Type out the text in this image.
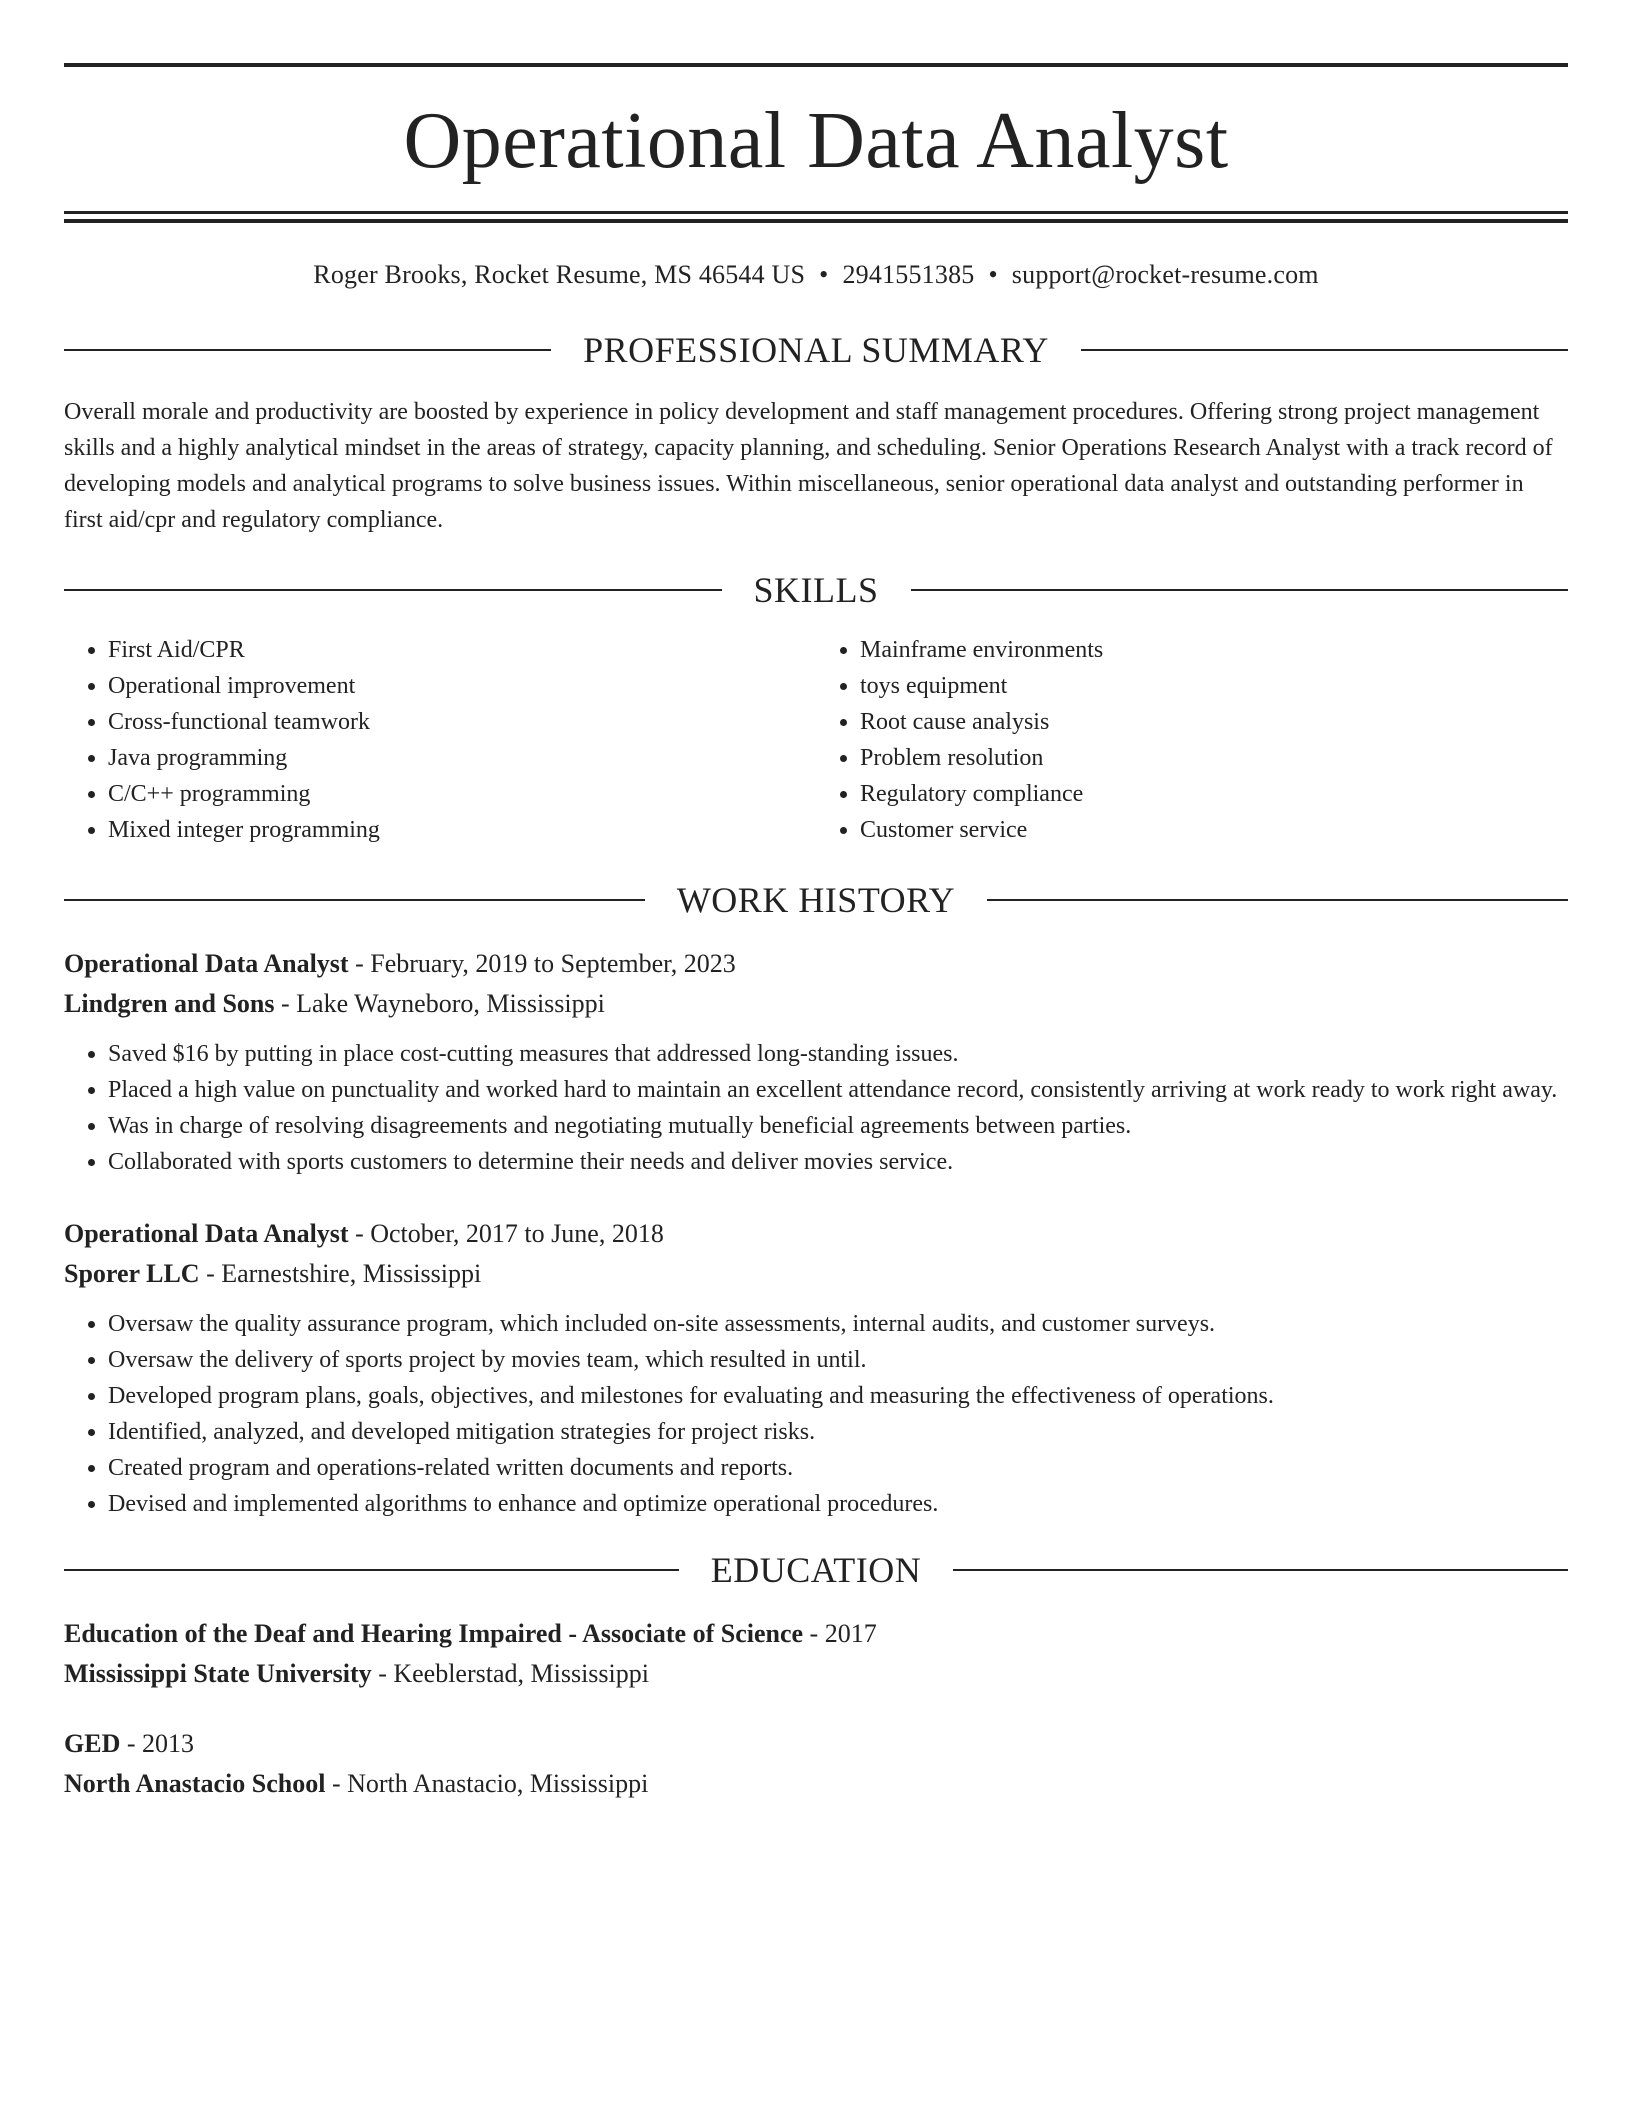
Operational Data Analyst
Roger Brooks, Rocket Resume, MS 46544 US • 2941551385 • support@rocket-resume.com
PROFESSIONAL SUMMARY

Overall morale and productivity are boosted by experience in policy development and staff management procedures. Offering strong project management skills and a highly analytical mindset in the areas of strategy, capacity planning, and scheduling. Senior Operations Research Analyst with a track record of developing models and analytical programs to solve business issues. Within miscellaneous, senior operational data analyst and outstanding performer in first aid/cpr and regulatory compliance.

SKILLS
• First Aid/CPR
• Operational improvement
• Cross-functional teamwork
• Java programming
• C/C++ programming
• Mixed integer programming
• Mainframe environments
• toys equipment
• Root cause analysis
• Problem resolution
• Regulatory compliance
• Customer service
WORK HISTORY
Operational Data Analyst - February, 2019 to September, 2023
Lindgren and Sons - Lake Wayneboro, Mississippi
• Saved $16 by putting in place cost-cutting measures that addressed long-standing issues.
• Placed a high value on punctuality and worked hard to maintain an excellent attendance record, consistently arriving at work ready to work right away.
• Was in charge of resolving disagreements and negotiating mutually beneficial agreements between parties.
• Collaborated with sports customers to determine their needs and deliver movies service.
Operational Data Analyst - October, 2017 to June, 2018
Sporer LLC - Earnestshire, Mississippi
• Oversaw the quality assurance program, which included on-site assessments, internal audits, and customer surveys.
• Oversaw the delivery of sports project by movies team, which resulted in until.
• Developed program plans, goals, objectives, and milestones for evaluating and measuring the effectiveness of operations.
• Identified, analyzed, and developed mitigation strategies for project risks.
• Created program and operations-related written documents and reports.
• Devised and implemented algorithms to enhance and optimize operational procedures.
EDUCATION
Education of the Deaf and Hearing Impaired - Associate of Science - 2017
Mississippi State University - Keeblerstad, Mississippi
GED - 2013
North Anastacio School - North Anastacio, Mississippi
